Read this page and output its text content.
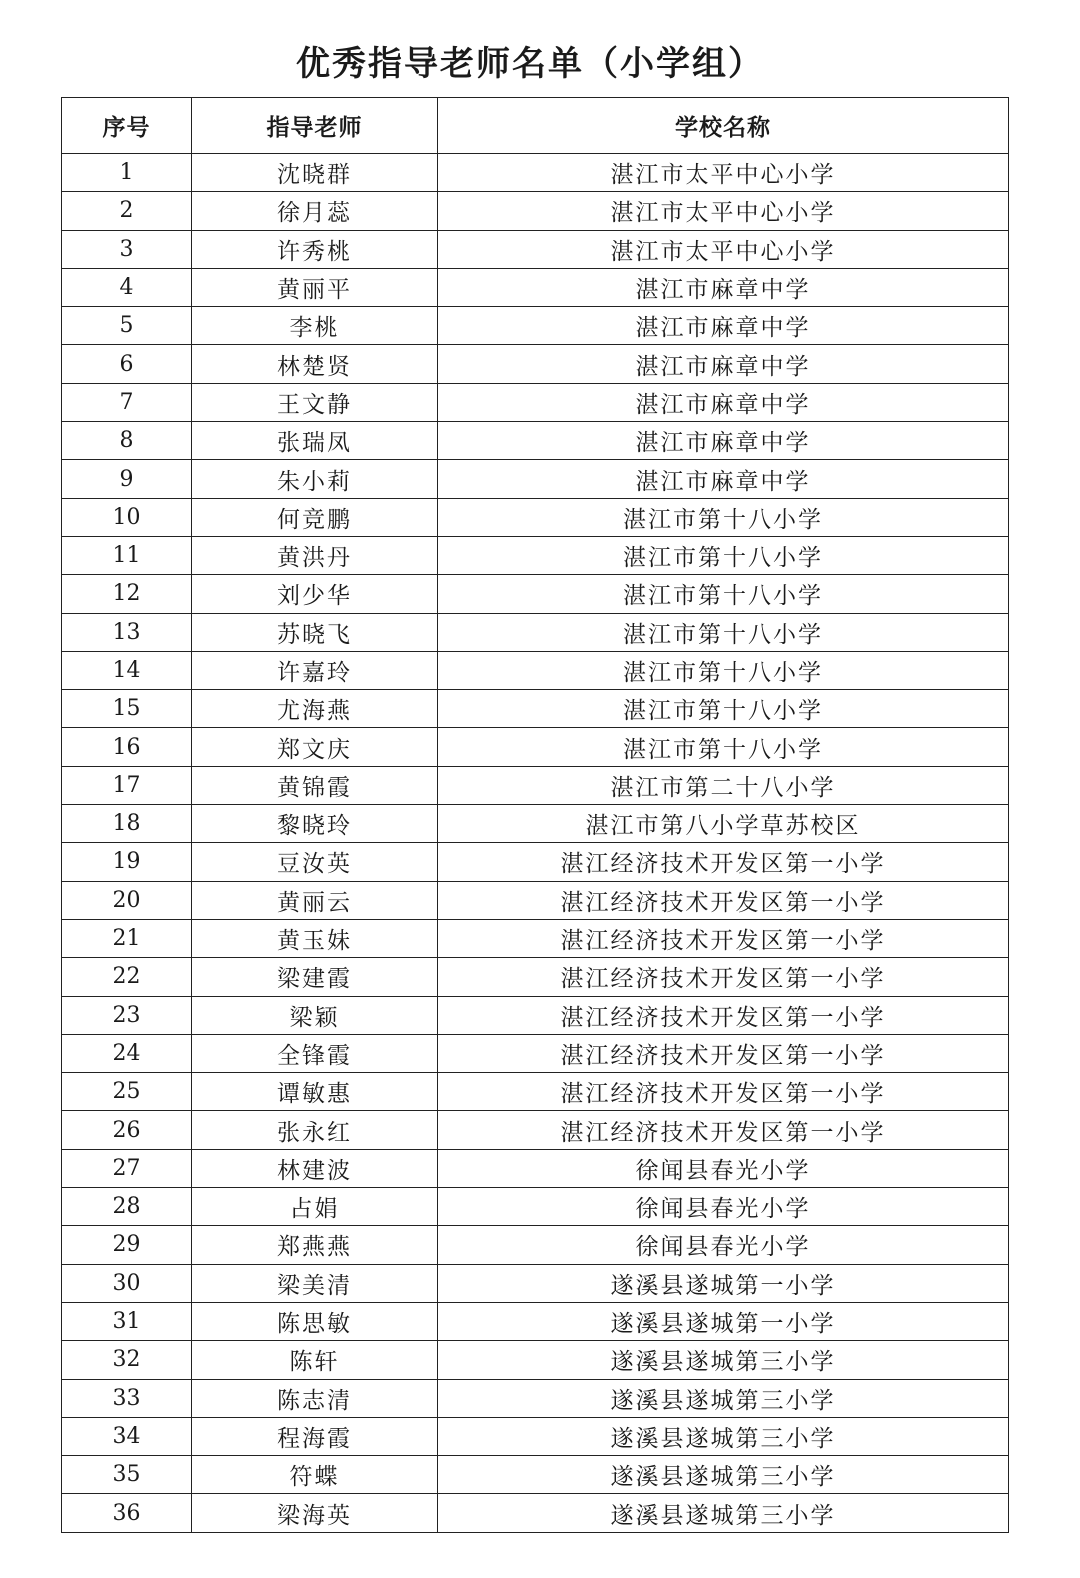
优秀指导老师名单（小学组）
序号	指导老师	学校名称
1	沈晓群	湛江市太平中心小学
2	徐月蕊	湛江市太平中心小学
3	许秀桃	湛江市太平中心小学
4	黄丽平	湛江市麻章中学
5	李桃	湛江市麻章中学
6	林楚贤	湛江市麻章中学
7	王文静	湛江市麻章中学
8	张瑞凤	湛江市麻章中学
9	朱小莉	湛江市麻章中学
10	何竞鹏	湛江市第十八小学
11	黄洪丹	湛江市第十八小学
12	刘少华	湛江市第十八小学
13	苏晓飞	湛江市第十八小学
14	许嘉玲	湛江市第十八小学
15	尤海燕	湛江市第十八小学
16	郑文庆	湛江市第十八小学
17	黄锦霞	湛江市第二十八小学
18	黎晓玲	湛江市第八小学草苏校区
19	豆汝英	湛江经济技术开发区第一小学
20	黄丽云	湛江经济技术开发区第一小学
21	黄玉妹	湛江经济技术开发区第一小学
22	梁建霞	湛江经济技术开发区第一小学
23	梁颖	湛江经济技术开发区第一小学
24	全锋霞	湛江经济技术开发区第一小学
25	谭敏惠	湛江经济技术开发区第一小学
26	张永红	湛江经济技术开发区第一小学
27	林建波	徐闻县春光小学
28	占娟	徐闻县春光小学
29	郑燕燕	徐闻县春光小学
30	梁美清	遂溪县遂城第一小学
31	陈思敏	遂溪县遂城第一小学
32	陈轩	遂溪县遂城第三小学
33	陈志清	遂溪县遂城第三小学
34	程海霞	遂溪县遂城第三小学
35	符蝶	遂溪县遂城第三小学
36	梁海英	遂溪县遂城第三小学
